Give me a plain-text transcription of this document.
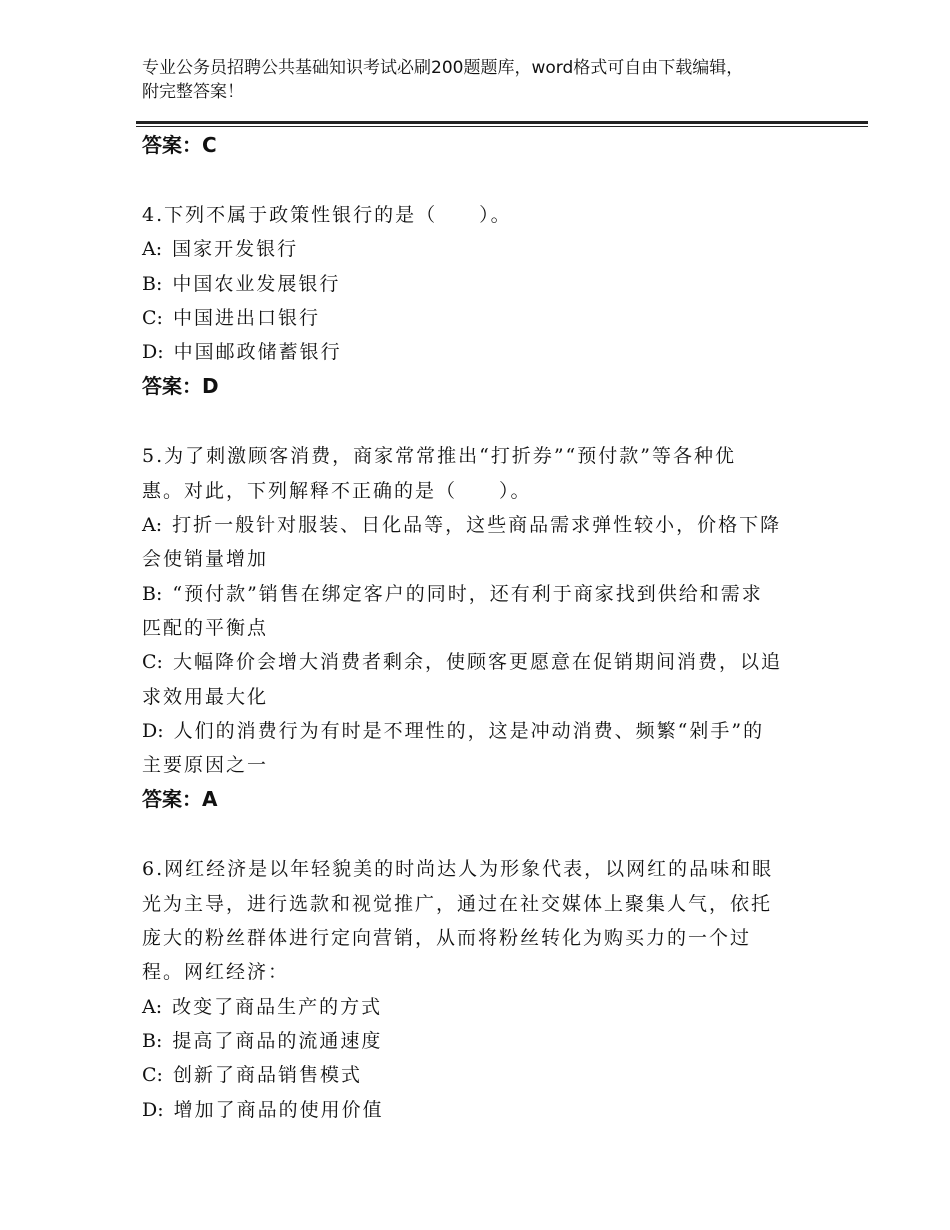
专业公务员招聘公共基础知识考试必刷200题题库，word格式可自由下载编辑，
附完整答案！

答案：C

4.下列不属于政策性银行的是（　　）。

A: 国家开发银行

B: 中国农业发展银行

C: 中国进出口银行

D: 中国邮政储蓄银行

答案：D

5.为了刺激顾客消费，商家常常推出“打折券”“预付款”等各种优

惠。对此，下列解释不正确的是（　　）。

A: 打折一般针对服装、日化品等，这些商品需求弹性较小，价格下降

会使销量增加

B: “预付款”销售在绑定客户的同时，还有利于商家找到供给和需求

匹配的平衡点

C: 大幅降价会增大消费者剩余，使顾客更愿意在促销期间消费，以追

求效用最大化

D: 人们的消费行为有时是不理性的，这是冲动消费、频繁“剁手”的

主要原因之一

答案：A

6.网红经济是以年轻貌美的时尚达人为形象代表，以网红的品味和眼

光为主导，进行选款和视觉推广，通过在社交媒体上聚集人气，依托

庞大的粉丝群体进行定向营销，从而将粉丝转化为购买力的一个过

程。网红经济：

A: 改变了商品生产的方式

B: 提高了商品的流通速度

C: 创新了商品销售模式

D: 增加了商品的使用价值
